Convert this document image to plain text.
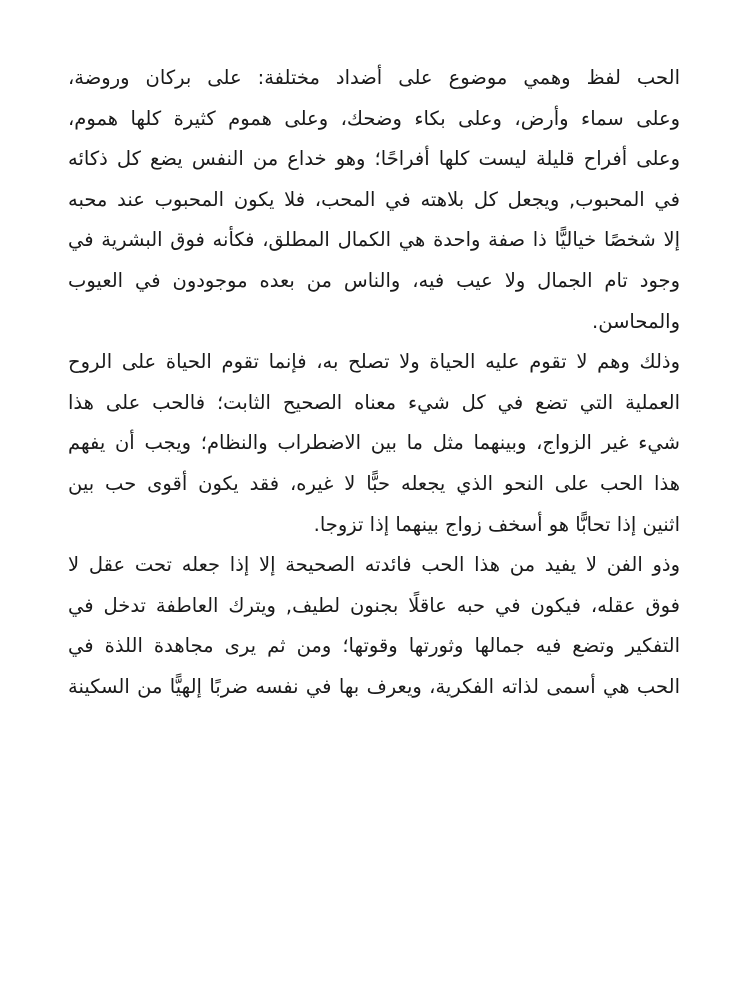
الحب لفظ وهمي موضوع على أضداد مختلفة: على بركان وروضة،
وعلى سماء وأرض، وعلى بكاء وضحك، وعلى هموم كثيرة كلها هموم،
وعلى أفراح قليلة ليست كلها أفراحًا؛ وهو خداع من النفس يضع كل ذكائه
في المحبوب, ويجعل كل بلاهته في المحب، فلا يكون المحبوب عند محبه
إلا شخصًا خياليًّا ذا صفة واحدة هي الكمال المطلق، فكأنه فوق البشرية في
وجود تام الجمال ولا عيب فيه، والناس من بعده موجودون في العيوب
والمحاسن.
وذلك وهم لا تقوم عليه الحياة ولا تصلح به، فإنما تقوم الحياة على الروح
العملية التي تضع في كل شيء معناه الصحيح الثابت؛ فالحب على هذا
شيء غير الزواج، وبينهما مثل ما بين الاضطراب والنظام؛ ويجب أن يفهم
هذا الحب على النحو الذي يجعله حبًّا لا غيره، فقد يكون أقوى حب بين
اثنين إذا تحابًّا هو أسخف زواج بينهما إذا تزوجا.
وذو الفن لا يفيد من هذا الحب فائدته الصحيحة إلا إذا جعله تحت عقل لا
فوق عقله، فيكون في حبه عاقلًا بجنون لطيف, ويترك العاطفة تدخل في
التفكير وتضع فيه جمالها وثورتها وقوتها؛ ومن ثم يرى مجاهدة اللذة في
الحب هي أسمى لذاته الفكرية، ويعرف بها في نفسه ضربًا إلهيًّا من السكينة
